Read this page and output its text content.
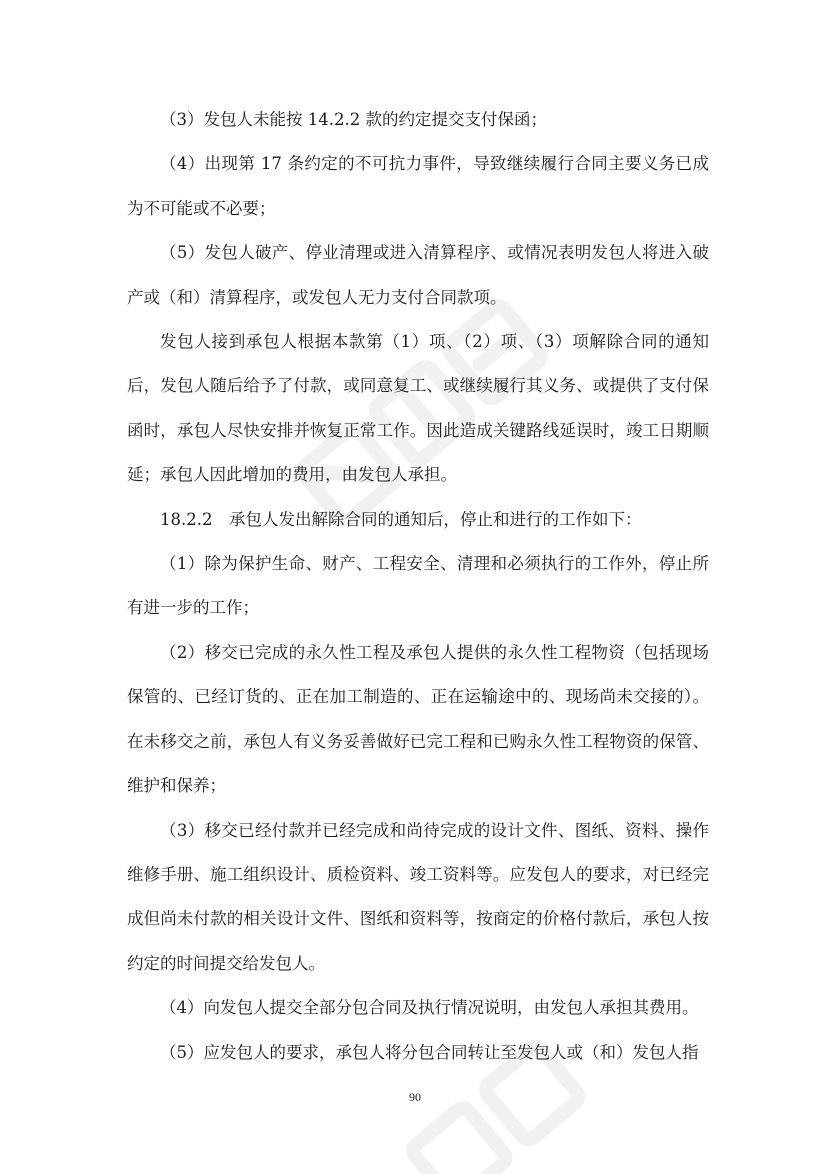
（3）发包人未能按 14.2.2 款的约定提交支付保函；

（4）出现第 17 条约定的不可抗力事件，导致继续履行合同主要义务已成为不可能或不必要；

（5）发包人破产、停业清理或进入清算程序、或情况表明发包人将进入破产或（和）清算程序，或发包人无力支付合同款项。

发包人接到承包人根据本款第（1）项、（2）项、（3）项解除合同的通知后，发包人随后给予了付款，或同意复工、或继续履行其义务、或提供了支付保函时，承包人尽快安排并恢复正常工作。因此造成关键路线延误时，竣工日期顺延；承包人因此增加的费用，由发包人承担。

18.2.2　承包人发出解除合同的通知后，停止和进行的工作如下：

（1）除为保护生命、财产、工程安全、清理和必须执行的工作外，停止所有进一步的工作；

（2）移交已完成的永久性工程及承包人提供的永久性工程物资（包括现场保管的、已经订货的、正在加工制造的、正在运输途中的、现场尚未交接的）。在未移交之前，承包人有义务妥善做好已完工程和已购永久性工程物资的保管、维护和保养；

（3）移交已经付款并已经完成和尚待完成的设计文件、图纸、资料、操作维修手册、施工组织设计、质检资料、竣工资料等。应发包人的要求，对已经完成但尚未付款的相关设计文件、图纸和资料等，按商定的价格付款后，承包人按约定的时间提交给发包人。

（4）向发包人提交全部分包合同及执行情况说明，由发包人承担其费用。

（5）应发包人的要求，承包人将分包合同转让至发包人或（和）发包人指

90
